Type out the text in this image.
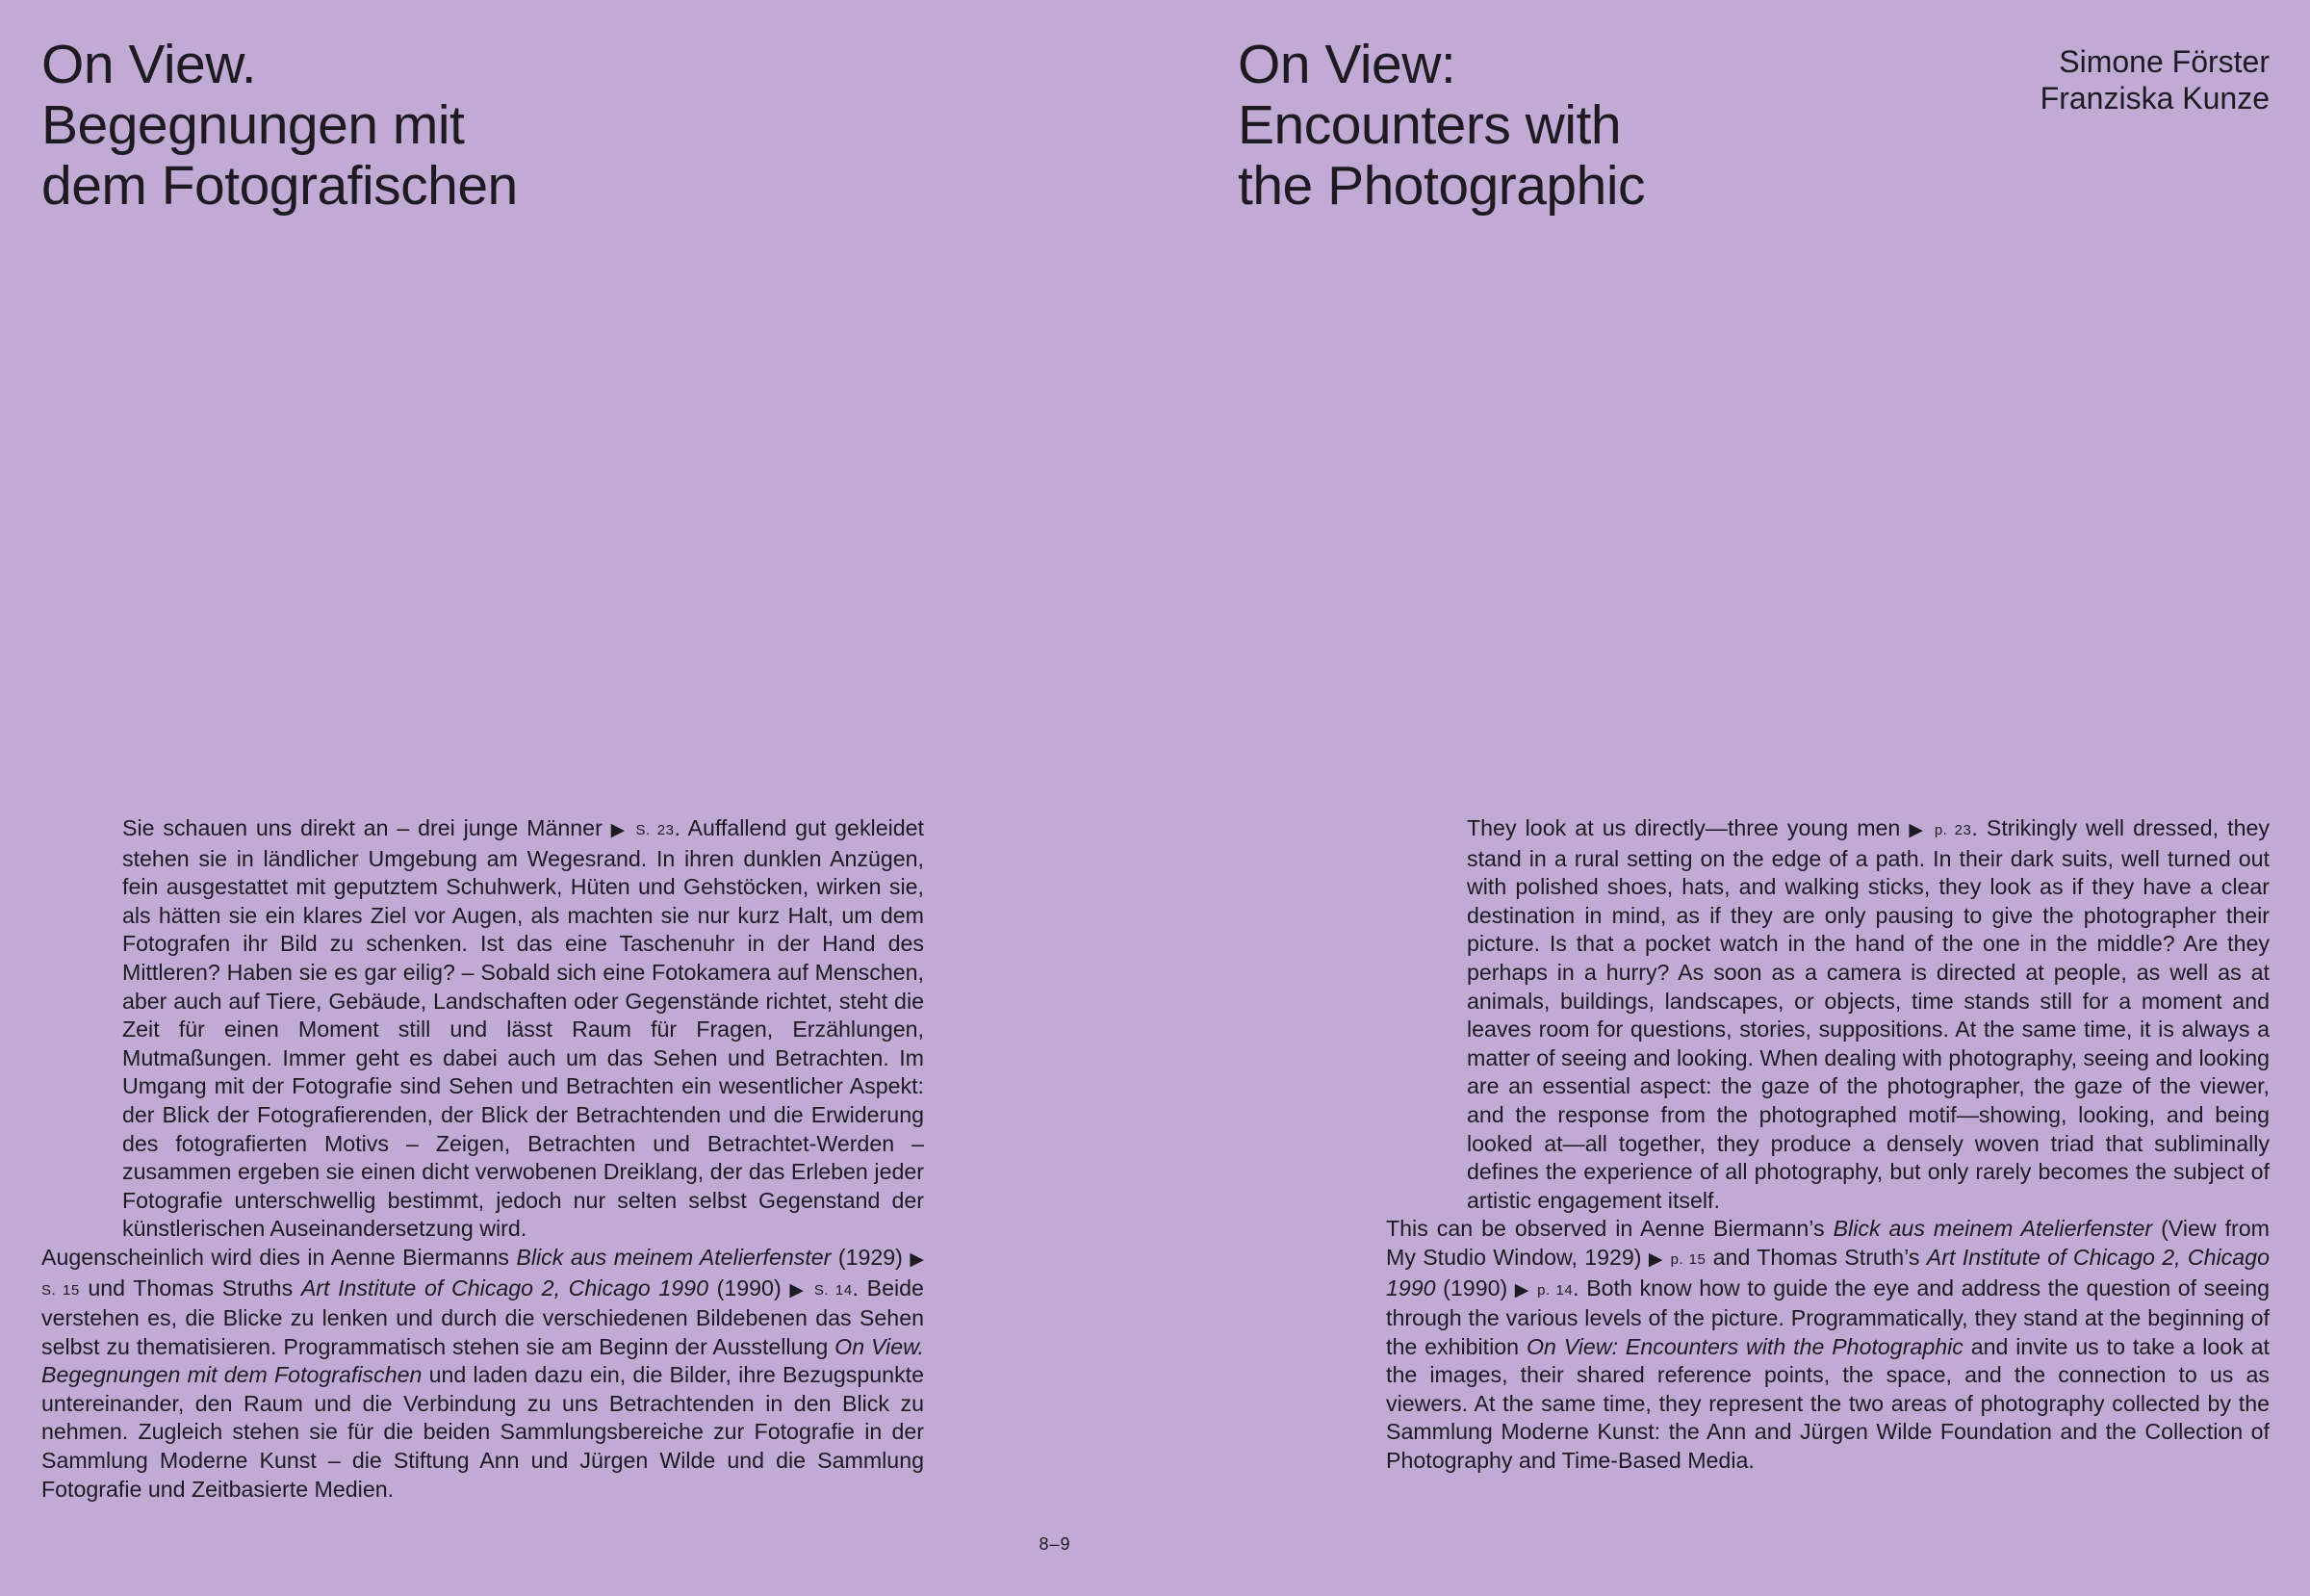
On View.
Begegnungen mit
dem Fotografischen

Sie schauen uns direkt an – drei junge Männer ▶ S. 23. Auffallend gut gekleidet stehen sie in ländlicher Umgebung am Wegesrand. In ihren dunklen Anzügen, fein ausgestattet mit geputztem Schuhwerk, Hüten und Gehstöcken, wirken sie, als hätten sie ein klares Ziel vor Augen, als machten sie nur kurz Halt, um dem Fotografen ihr Bild zu schenken. Ist das eine Taschenuhr in der Hand des Mittleren? Haben sie es gar eilig? – Sobald sich eine Fotokamera auf Menschen, aber auch auf Tiere, Gebäude, Landschaften oder Gegenstände richtet, steht die Zeit für einen Moment still und lässt Raum für Fragen, Erzählungen, Mutmaßungen. Immer geht es dabei auch um das Sehen und Betrachten. Im Umgang mit der Fotografie sind Sehen und Betrachten ein wesentlicher Aspekt: der Blick der Fotografierenden, der Blick der Betrachtenden und die Erwiderung des fotografierten Motivs – Zeigen, Betrachten und Betrachtet-Werden – zusammen ergeben sie einen dicht verwobenen Dreiklang, der das Erleben jeder Fotografie unterschwellig bestimmt, jedoch nur selten selbst Gegenstand der künstlerischen Auseinandersetzung wird.

Augenscheinlich wird dies in Aenne Biermanns Blick aus meinem Atelierfenster (1929) ▶ S. 15 und Thomas Struths Art Institute of Chicago 2, Chicago 1990 (1990) ▶ S. 14. Beide verstehen es, die Blicke zu lenken und durch die verschiedenen Bildebenen das Sehen selbst zu thematisieren. Programmatisch stehen sie am Beginn der Ausstellung On View. Begegnungen mit dem Fotografischen und laden dazu ein, die Bilder, ihre Bezugspunkte untereinander, den Raum und die Verbindung zu uns Betrachtenden in den Blick zu nehmen. Zugleich stehen sie für die beiden Sammlungsbereiche zur Fotografie in der Sammlung Moderne Kunst – die Stiftung Ann und Jürgen Wilde und die Sammlung Fotografie und Zeitbasierte Medien.

On View:
Encounters with
the Photographic
Simone Förster
Franziska Kunze

They look at us directly—three young men ▶ p. 23. Strikingly well dressed, they stand in a rural setting on the edge of a path. In their dark suits, well turned out with polished shoes, hats, and walking sticks, they look as if they have a clear destination in mind, as if they are only pausing to give the photographer their picture. Is that a pocket watch in the hand of the one in the middle? Are they perhaps in a hurry? As soon as a camera is directed at people, as well as at animals, buildings, landscapes, or objects, time stands still for a moment and leaves room for questions, stories, suppositions. At the same time, it is always a matter of seeing and looking. When dealing with photography, seeing and looking are an essential aspect: the gaze of the photographer, the gaze of the viewer, and the response from the photographed motif—showing, looking, and being looked at—all together, they produce a densely woven triad that subliminally defines the experience of all photography, but only rarely becomes the subject of artistic engagement itself.

This can be observed in Aenne Biermann’s Blick aus meinem Atelierfenster (View from My Studio Window, 1929) ▶ p. 15 and Thomas Struth’s Art Institute of Chicago 2, Chicago 1990 (1990) ▶ p. 14. Both know how to guide the eye and address the question of seeing through the various levels of the picture. Programmatically, they stand at the beginning of the exhibition On View: Encounters with the Photographic and invite us to take a look at the images, their shared reference points, the space, and the connection to us as viewers. At the same time, they represent the two areas of photography collected by the Sammlung Moderne Kunst: the Ann and Jürgen Wilde Foundation and the Collection of Photography and Time-Based Media.

8–9
